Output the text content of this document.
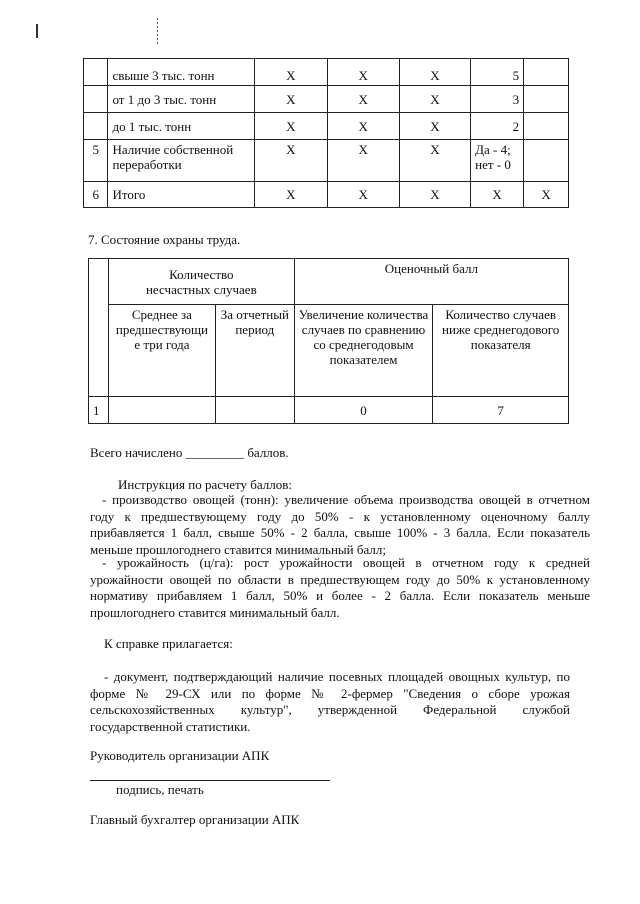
	свыше 3 тыс. тонн	Х	Х	Х	5	
	от 1 до 3 тыс. тонн	Х	Х	Х	3	
	до 1 тыс. тонн	Х	Х	Х	2	
5	Наличие собственной переработки	Х	Х	Х	Да - 4; нет - 0	
6	Итого	Х	Х	Х	Х	Х

7. Состояние охраны труда.

	Количество несчастных случаев		Оценочный балл	
	Среднее за предшествующи е три года	За отчетный период	Увеличение количества случаев по сравнению со среднегодовым показателем	Количество случаев ниже среднегодового показателя
1			0	7

Всего начислено _________ баллов.

Инструкция по расчету баллов:

- производство овощей (тонн): увеличение объема производства овощей в отчетном году к предшествующему году до 50% - к установленному оценочному баллу прибавляется 1 балл, свыше 50% - 2 балла, свыше 100% - 3 балла. Если показатель меньше прошлогоднего ставится минимальный балл;

- урожайность (ц/га): рост урожайности овощей в отчетном году к средней урожайности овощей по области в предшествующем году до 50% к установленному нормативу прибавляем 1 балл, 50% и более - 2 балла. Если показатель меньше прошлогоднего ставится минимальный балл.

К справке прилагается:

- документ, подтверждающий наличие посевных площадей овощных культур, по форме № 29-СХ или по форме № 2-фермер "Сведения о сборе урожая сельскохозяйственных культур", утвержденной Федеральной службой государственной статистики.

Руководитель организации АПК

подпись, печать

Главный бухгалтер организации АПК
